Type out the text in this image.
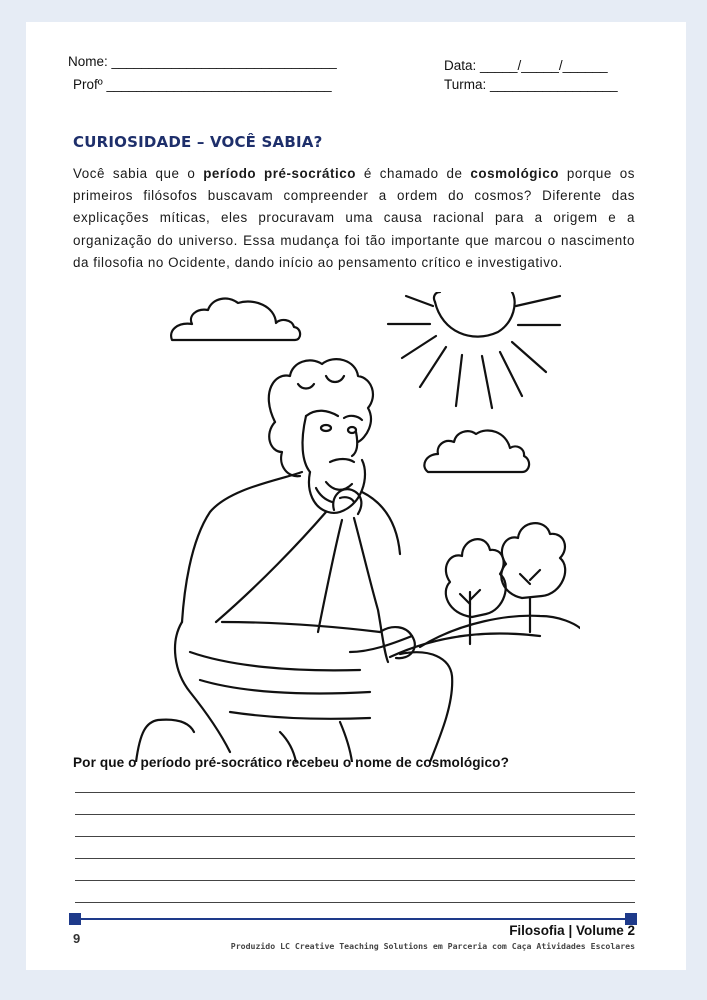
Nome: ______________________________
Profº ______________________________
Data: _____/_____/______
Turma: _________________
CURIOSIDADE – VOCÊ SABIA?
Você sabia que o período pré-socrático é chamado de cosmológico porque os primeiros filósofos buscavam compreender a ordem do cosmos? Diferente das explicações míticas, eles procuravam uma causa racional para a origem e a organização do universo. Essa mudança foi tão importante que marcou o nascimento da filosofia no Ocidente, dando início ao pensamento crítico e investigativo.
Por que o período pré-socrático recebeu o nome de cosmológico?
9
Filosofia | Volume 2
Produzido LC Creative Teaching Solutions em Parceria com Caça Atividades Escolares
